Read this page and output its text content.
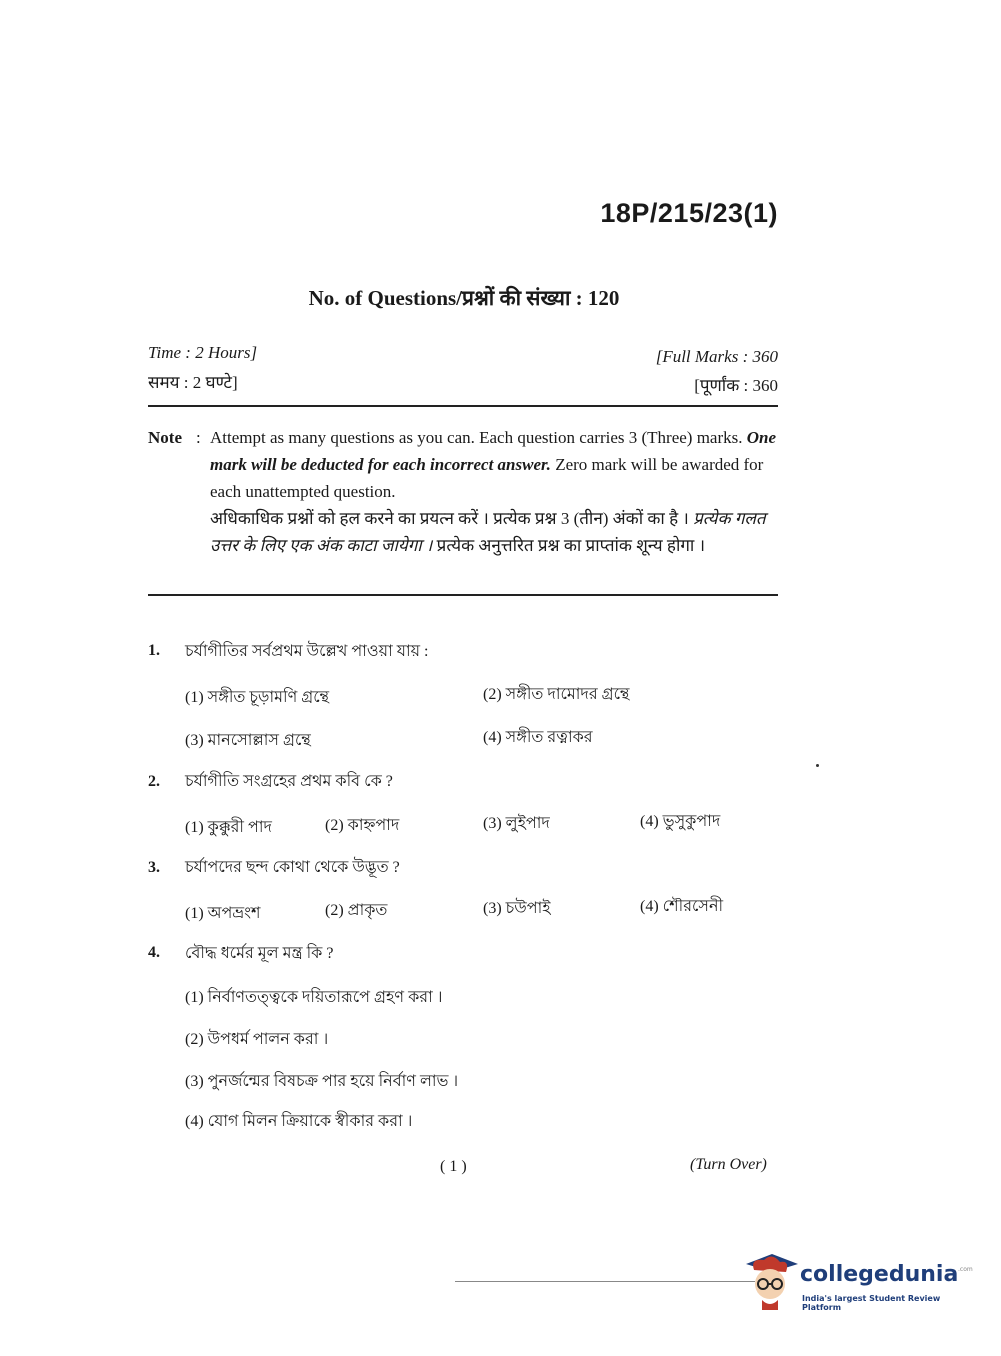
18P/215/23(1)
No. of Questions/प्रश्नों की संख्या : 120
Time : 2 Hours]
समय : 2 घण्टे]
[Full Marks : 360
[पूर्णांक : 360
Note : Attempt as many questions as you can. Each question carries 3 (Three) marks. One mark will be deducted for each incorrect answer. Zero mark will be awarded for each unattempted question.

अधिकाधिक प्रश्नों को हल करने का प्रयत्न करें । प्रत्येक प्रश्न 3 (तीन) अंकों का है । प्रत्येक गलत उत्तर के लिए एक अंक काटा जायेगा । प्रत्येक अनुत्तरित प्रश्न का प्राप्तांक शून्य होगा ।

1. চর্যাগীতির সর্বপ্রথম উল্লেখ পাওয়া যায় :
(1) সঙ্গীত চূড়ামণি গ্রন্থে	(2) সঙ্গীত দামোদর গ্রন্থে
(3) মানসোল্লাস গ্রন্থে	(4) সঙ্গীত রত্নাকর
2. চর্যাগীতি সংগ্রহের প্রথম কবি কে ?
(1) কুক্কুরী পাদ	(2) কাহ্নপাদ	(3) লুইপাদ	(4) ভুসুকুপাদ
3. চর্যাপদের ছন্দ কোথা থেকে উদ্ভূত ?
(1) অপভ্রংশ	(2) প্রাকৃত	(3) চউপাই	(4) শৌরসেনী
4. বৌদ্ধ ধর্মের মূল মন্ত্র কি ?
(1) নির্বাণতত্ত্বকে দয়িতারূপে গ্রহণ করা ।
(2) উপধর্ম পালন করা ।
(3) পুনর্জন্মের বিষচক্র পার হয়ে নির্বাণ লাভ ।
(4) যোগ মিলন ক্রিয়াকে স্বীকার করা ।
( 1 )	(Turn Over)
collegedunia .com
India's largest Student Review Platform
